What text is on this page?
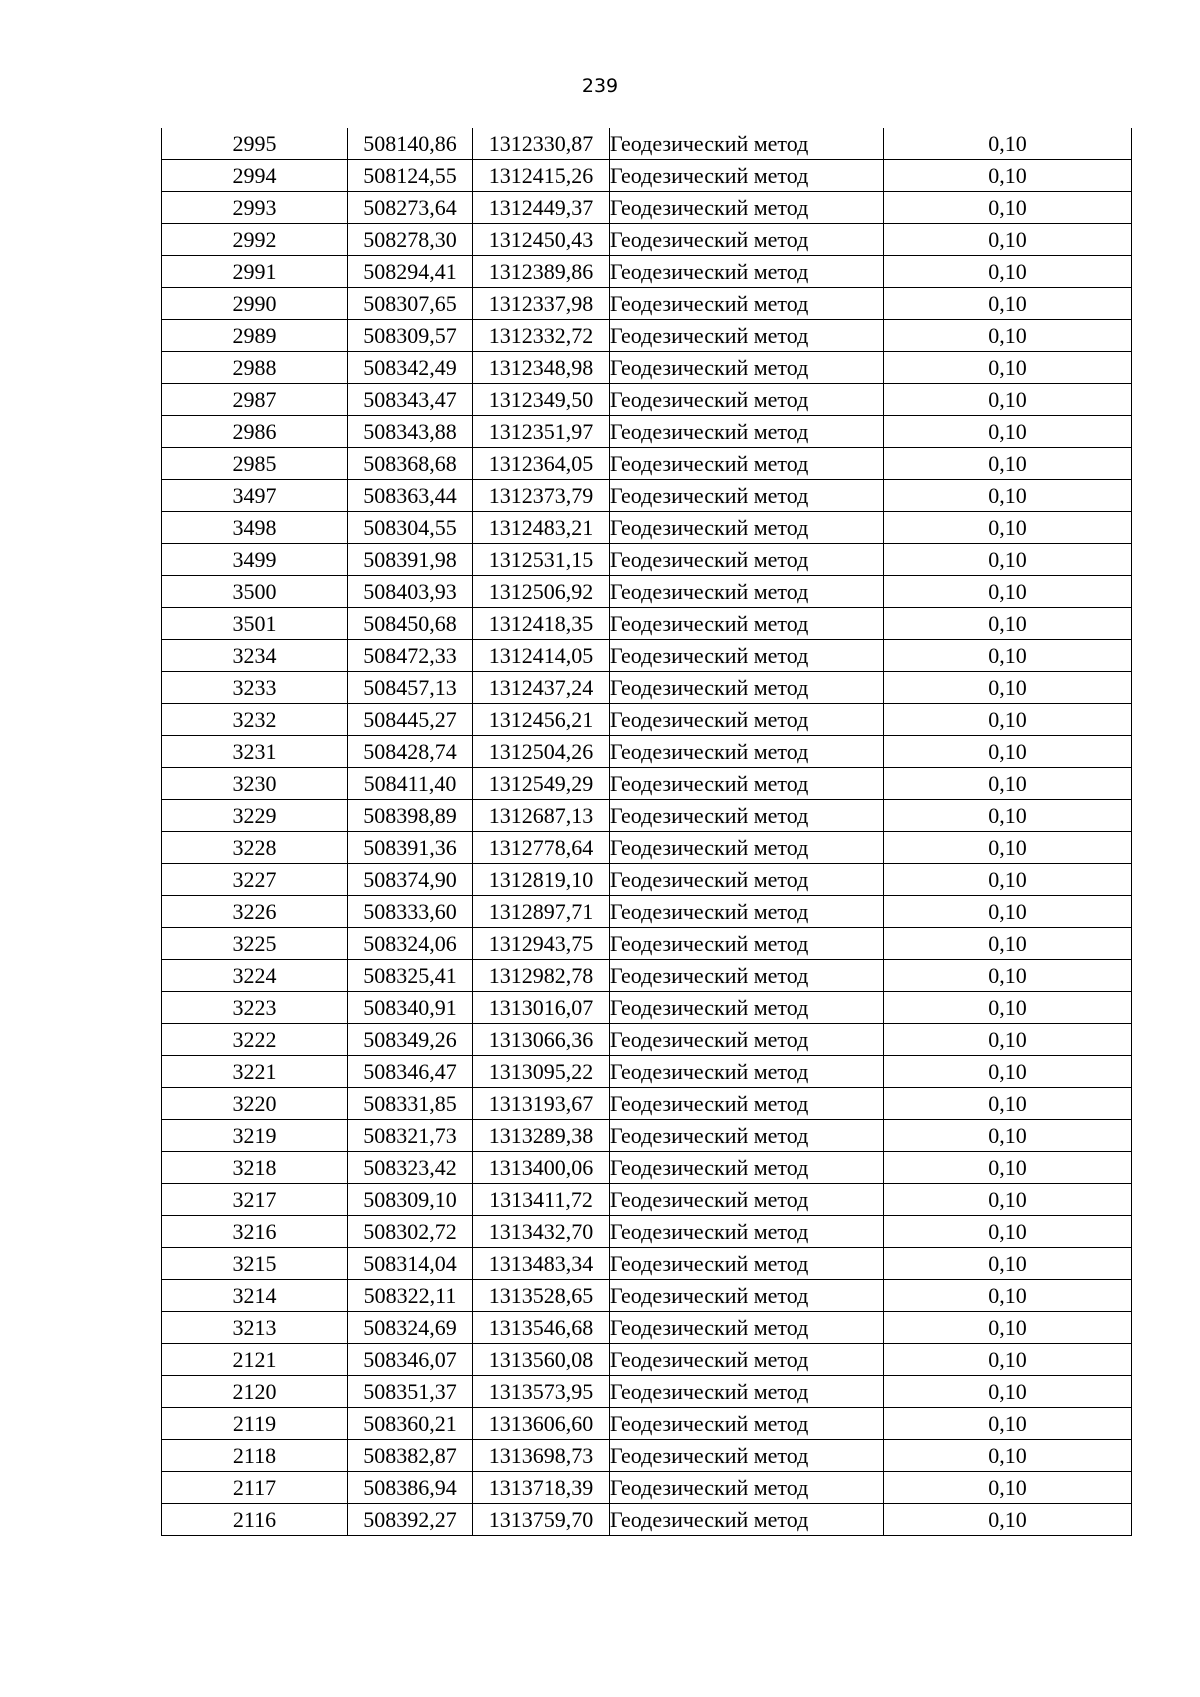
239
2995	508140,86	1312330,87	Геодезический метод	0,10
2994	508124,55	1312415,26	Геодезический метод	0,10
2993	508273,64	1312449,37	Геодезический метод	0,10
2992	508278,30	1312450,43	Геодезический метод	0,10
2991	508294,41	1312389,86	Геодезический метод	0,10
2990	508307,65	1312337,98	Геодезический метод	0,10
2989	508309,57	1312332,72	Геодезический метод	0,10
2988	508342,49	1312348,98	Геодезический метод	0,10
2987	508343,47	1312349,50	Геодезический метод	0,10
2986	508343,88	1312351,97	Геодезический метод	0,10
2985	508368,68	1312364,05	Геодезический метод	0,10
3497	508363,44	1312373,79	Геодезический метод	0,10
3498	508304,55	1312483,21	Геодезический метод	0,10
3499	508391,98	1312531,15	Геодезический метод	0,10
3500	508403,93	1312506,92	Геодезический метод	0,10
3501	508450,68	1312418,35	Геодезический метод	0,10
3234	508472,33	1312414,05	Геодезический метод	0,10
3233	508457,13	1312437,24	Геодезический метод	0,10
3232	508445,27	1312456,21	Геодезический метод	0,10
3231	508428,74	1312504,26	Геодезический метод	0,10
3230	508411,40	1312549,29	Геодезический метод	0,10
3229	508398,89	1312687,13	Геодезический метод	0,10
3228	508391,36	1312778,64	Геодезический метод	0,10
3227	508374,90	1312819,10	Геодезический метод	0,10
3226	508333,60	1312897,71	Геодезический метод	0,10
3225	508324,06	1312943,75	Геодезический метод	0,10
3224	508325,41	1312982,78	Геодезический метод	0,10
3223	508340,91	1313016,07	Геодезический метод	0,10
3222	508349,26	1313066,36	Геодезический метод	0,10
3221	508346,47	1313095,22	Геодезический метод	0,10
3220	508331,85	1313193,67	Геодезический метод	0,10
3219	508321,73	1313289,38	Геодезический метод	0,10
3218	508323,42	1313400,06	Геодезический метод	0,10
3217	508309,10	1313411,72	Геодезический метод	0,10
3216	508302,72	1313432,70	Геодезический метод	0,10
3215	508314,04	1313483,34	Геодезический метод	0,10
3214	508322,11	1313528,65	Геодезический метод	0,10
3213	508324,69	1313546,68	Геодезический метод	0,10
2121	508346,07	1313560,08	Геодезический метод	0,10
2120	508351,37	1313573,95	Геодезический метод	0,10
2119	508360,21	1313606,60	Геодезический метод	0,10
2118	508382,87	1313698,73	Геодезический метод	0,10
2117	508386,94	1313718,39	Геодезический метод	0,10
2116	508392,27	1313759,70	Геодезический метод	0,10
